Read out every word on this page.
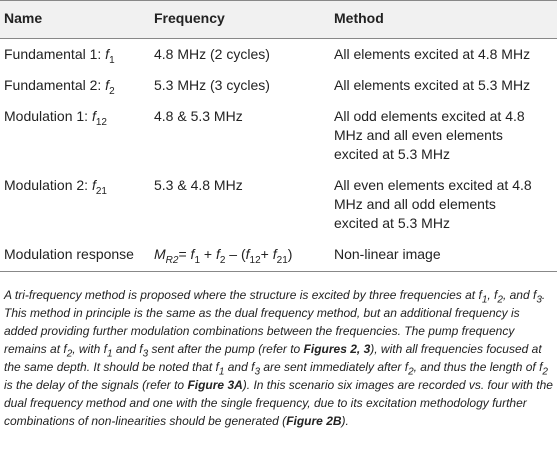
Name	Frequency	Method
Fundamental 1: $f_1$	4.8 MHz (2 cycles)	All elements excited at 4.8 MHz
Fundamental 2: $f_2$	5.3 MHz (3 cycles)	All elements excited at 5.3 MHz
Modulation 1: $f_{12}$	4.8 & 5.3 MHz	All odd elements excited at 4.8
MHz and all even elements
excited at 5.3 MHz
Modulation 2: $f_{21}$	5.3 & 4.8 MHz	All even elements excited at 4.8
MHz and all odd elements
excited at 5.3 MHz
Modulation response	$M_{R2}= f_1 + f_2 - (f_{12}+ f_{21})$	Non-linear image

A tri-frequency method is proposed where the structure is excited by three frequencies at $f_1$, $f_2$, and $f_3$. This method in principle is the same as the dual frequency method, but an additional frequency is added providing further modulation combinations between the frequencies. The pump frequency remains at $f_2$, with $f_1$ and $f_3$ sent after the pump (refer to Figures 2, 3), with all frequencies focused at the same depth. It should be noted that $f_1$ and $f_3$ are sent immediately after $f_2$, and thus the length of $f_2$ is the delay of the signals (refer to Figure 3A). In this scenario six images are recorded vs. four with the dual frequency method and one with the single frequency, due to its excitation methodology further combinations of non-linearities should be generated (Figure 2B).
